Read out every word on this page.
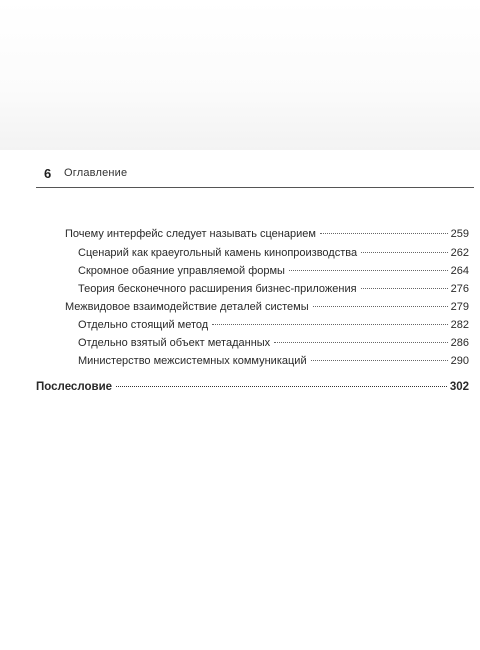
6 Оглавление
Почему интерфейс следует называть сценарием	259
Сценарий как краеугольный камень кинопроизводства	262
Скромное обаяние управляемой формы	264
Теория бесконечного расширения бизнес-приложения	276
Межвидовое взаимодействие деталей системы	279
Отдельно стоящий метод	282
Отдельно взятый объект метаданных	286
Министерство межсистемных коммуникаций	290
Послесловие	302
